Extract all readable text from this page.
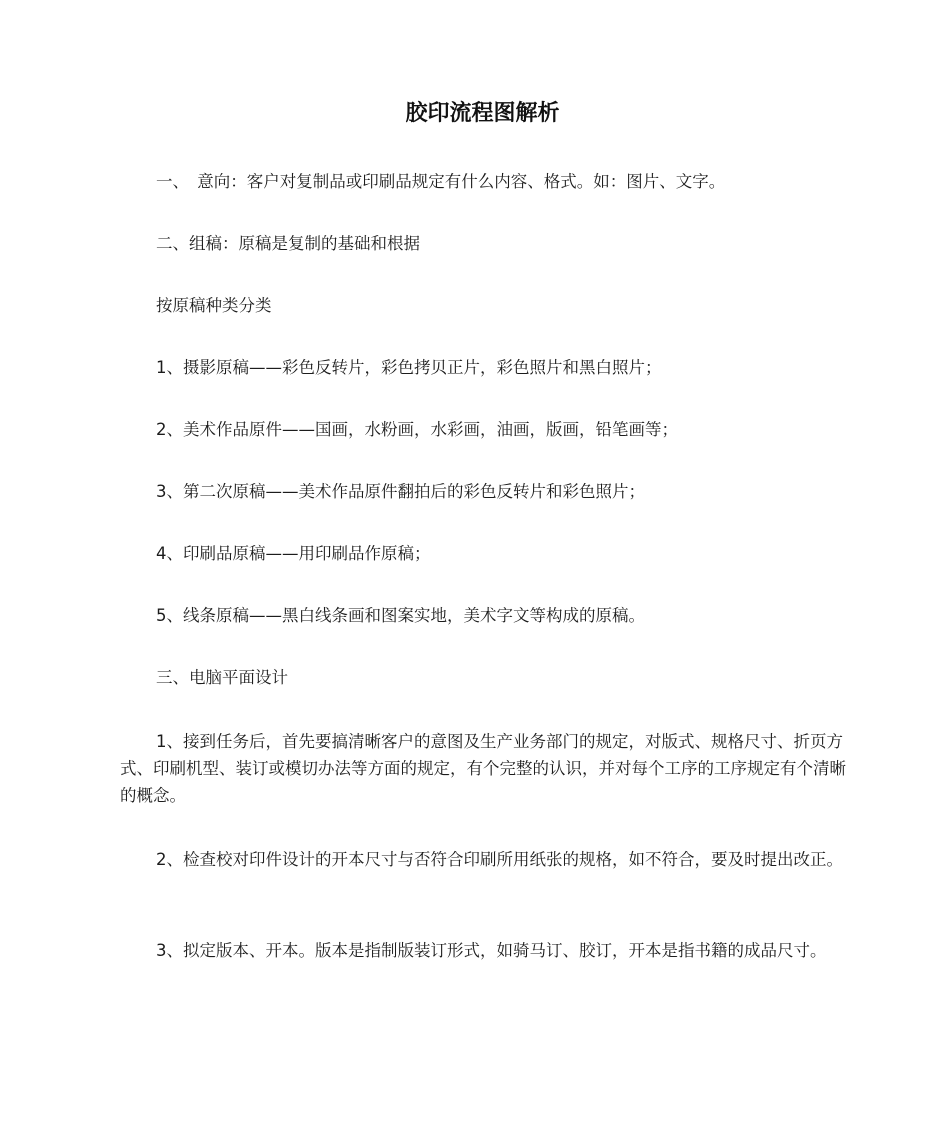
胶印流程图解析
一、　意向：客户对复制品或印刷品规定有什么内容、格式。如：图片、文字。
二、组稿：原稿是复制的基础和根据
按原稿种类分类
1、摄影原稿——彩色反转片，彩色拷贝正片，彩色照片和黑白照片；
2、美术作品原件——国画，水粉画，水彩画，油画，版画，铅笔画等；
3、第二次原稿——美术作品原件翻拍后的彩色反转片和彩色照片；
4、印刷品原稿——用印刷品作原稿；
5、线条原稿——黑白线条画和图案实地，美术字文等构成的原稿。
三、电脑平面设计
1、接到任务后，首先要搞清晰客户的意图及生产业务部门的规定，对版式、规格尺寸、折页方式、印刷机型、装订或模切办法等方面的规定，有个完整的认识，并对每个工序的工序规定有个清晰的概念。
2、检查校对印件设计的开本尺寸与否符合印刷所用纸张的规格，如不符合，要及时提出改正。
3、拟定版本、开本。版本是指制版装订形式，如骑马订、胶订，开本是指书籍的成品尺寸。
